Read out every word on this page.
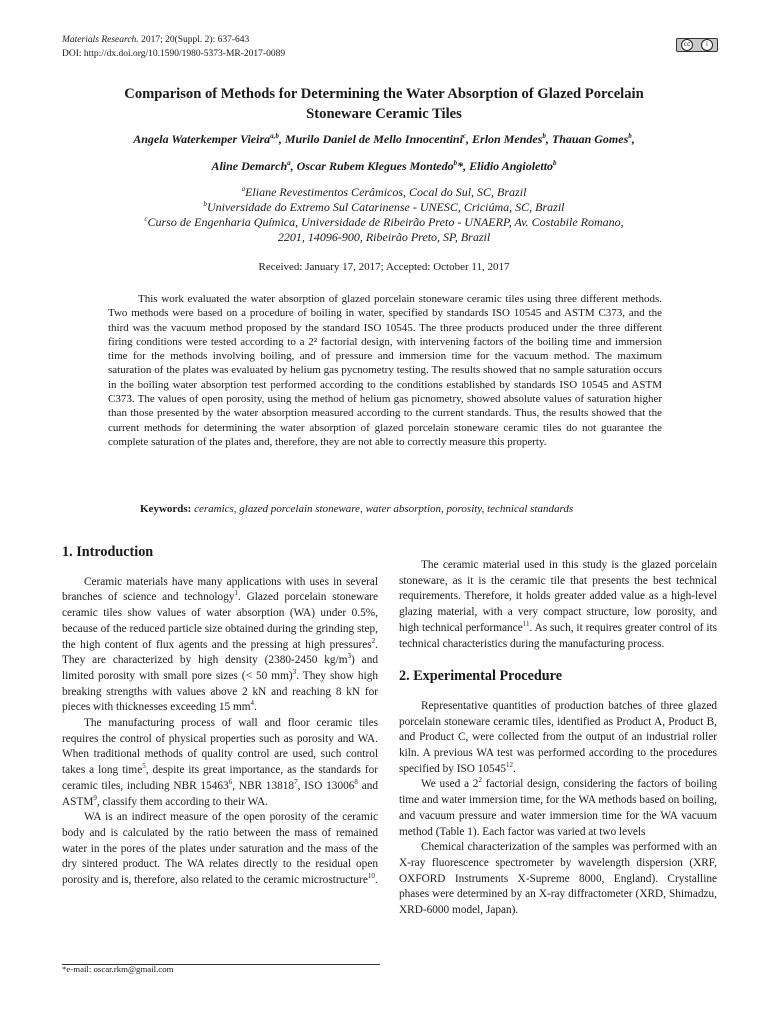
Materials Research. 2017; 20(Suppl. 2): 637-643
DOI: http://dx.doi.org/10.1590/1980-5373-MR-2017-0089
cc	i
Comparison of Methods for Determining the Water Absorption of Glazed Porcelain
Stoneware Ceramic Tiles
Angela Waterkemper Vieira$^{a,b}$, Murilo Daniel de Mello Innocentini$^c$, Erlon Mendes$^b$, Thauan Gomes$^b$,
Aline Demarch$^a$, Oscar Rubem Klegues Montedo$^b$*, Elidio Angioletto$^b$
$^a$Eliane Revestimentos Cerâmicos, Cocal do Sul, SC, Brazil
$^b$Universidade do Extremo Sul Catarinense - UNESC, Criciúma, SC, Brazil
$^c$Curso de Engenharia Química, Universidade de Ribeirão Preto - UNAERP, Av. Costabile Romano,
2201, 14096-900, Ribeirão Preto, SP, Brazil
Received: January 17, 2017; Accepted: October 11, 2017

This work evaluated the water absorption of glazed porcelain stoneware ceramic tiles using three different methods. Two methods were based on a procedure of boiling in water, specified by standards ISO 10545 and ASTM C373, and the third was the vacuum method proposed by the standard ISO 10545. The three products produced under the three different firing conditions were tested according to a 2² factorial design, with intervening factors of the boiling time and immersion time for the methods involving boiling, and of pressure and immersion time for the vacuum method. The maximum saturation of the plates was evaluated by helium gas pycnometry testing. The results showed that no sample saturation occurs in the boiling water absorption test performed according to the conditions established by standards ISO 10545 and ASTM C373. The values of open porosity, using the method of helium gas picnometry, showed absolute values of saturation higher than those presented by the water absorption measured according to the current standards. Thus, the results showed that the current methods for determining the water absorption of glazed porcelain stoneware ceramic tiles do not guarantee the complete saturation of the plates and, therefore, they are not able to correctly measure this property.

Keywords: ceramics, glazed porcelain stoneware, water absorption, porosity, technical standards
1. Introduction

Ceramic materials have many applications with uses in several branches of science and technology$^1$. Glazed porcelain stoneware ceramic tiles show values of water absorption (WA) under 0.5%, because of the reduced particle size obtained during the grinding step, the high content of flux agents and the pressing at high pressures$^2$. They are characterized by high density (2380-2450 $kg/m^3$) and limited porosity with small pore sizes (< 50 mm)$^3$. They show high breaking strengths with values above 2 kN and reaching 8 kN for pieces with thicknesses exceeding 15 $mm^4$.

The manufacturing process of wall and floor ceramic tiles requires the control of physical properties such as porosity and WA. When traditional methods of quality control are used, such control takes a long time$^5$, despite its great importance, as the standards for ceramic tiles, including NBR 15463$^6$, NBR 13818$^7$, ISO 13006$^8$ and ASTM$^9$, classify them according to their WA.

WA is an indirect measure of the open porosity of the ceramic body and is calculated by the ratio between the mass of remained water in the pores of the plates under saturation and the mass of the dry sintered product. The WA relates directly to the residual open porosity and is, therefore, also related to the ceramic microstructure$^{10}$.

The ceramic material used in this study is the glazed porcelain stoneware, as it is the ceramic tile that presents the best technical requirements. Therefore, it holds greater added value as a high-level glazing material, with a very compact structure, low porosity, and high technical performance$^{11}$. As such, it requires greater control of its technical characteristics during the manufacturing process.

2. Experimental Procedure

Representative quantities of production batches of three glazed porcelain stoneware ceramic tiles, identified as Product A, Product B, and Product C, were collected from the output of an industrial roller kiln. A previous WA test was performed according to the procedures specified by ISO 10545$^{12}$.

We used a $2^2$ factorial design, considering the factors of boiling time and water immersion time, for the WA methods based on boiling, and vacuum pressure and water immersion time for the WA vacuum method (Table 1). Each factor was varied at two levels

Chemical characterization of the samples was performed with an X-ray fluorescence spectrometer by wavelength dispersion (XRF, OXFORD Instruments X-Supreme 8000, England). Crystalline phases were determined by an X-ray diffractometer (XRD, Shimadzu, XRD-6000 model, Japan).

*e-mail: oscar.rkm@gmail.com
